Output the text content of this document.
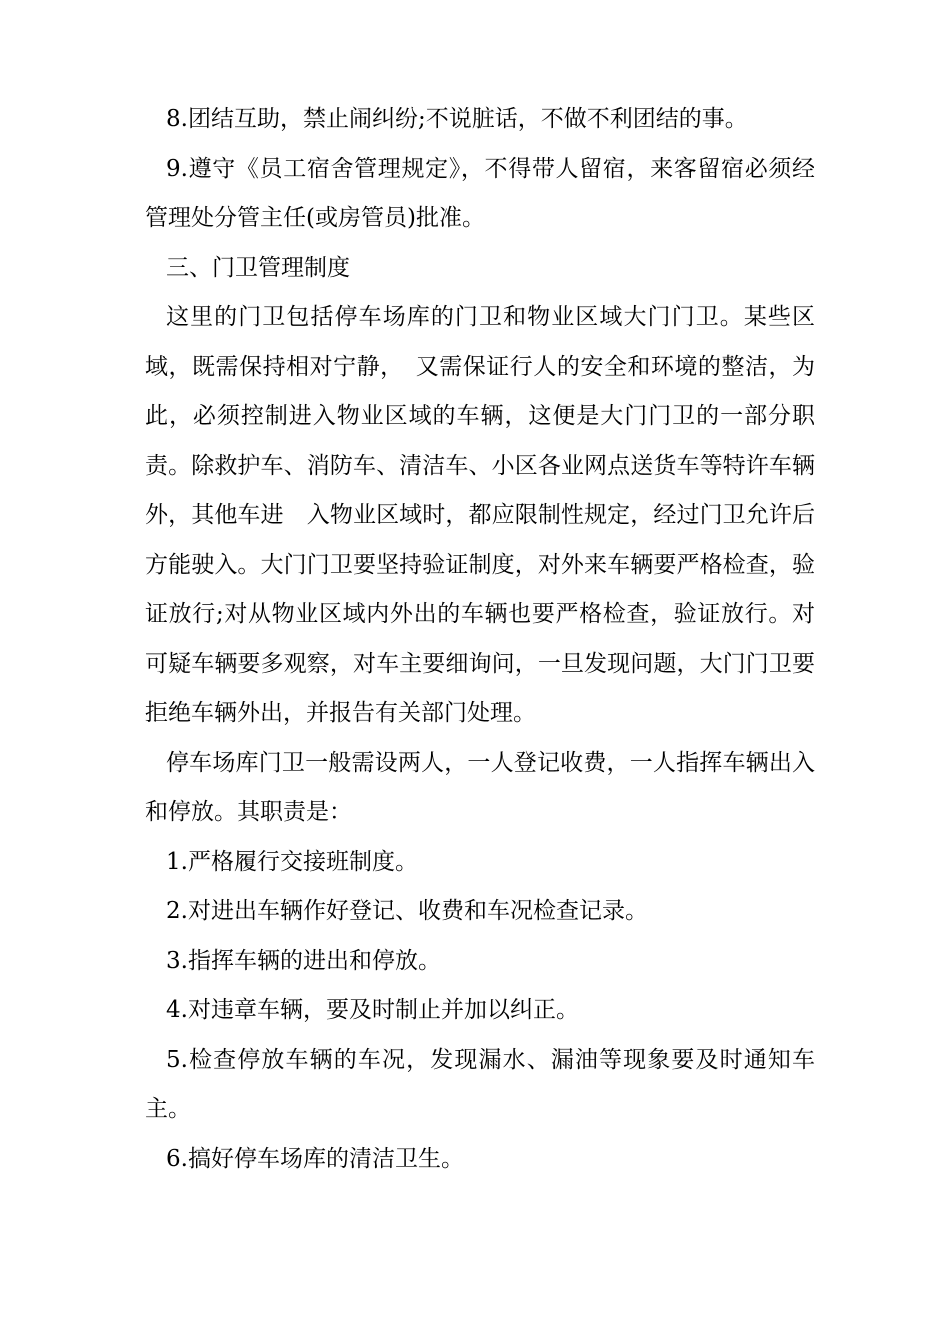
8.团结互助，禁止闹纠纷;不说脏话，不做不利团结的事。

9.遵守《员工宿舍管理规定》，不得带人留宿，来客留宿必须经管理处分管主任(或房管员)批准。

三、门卫管理制度

这里的门卫包括停车场库的门卫和物业区域大门门卫。某些区域，既需保持相对宁静，　又需保证行人的安全和环境的整洁，为此，必须控制进入物业区域的车辆，这便是大门门卫的一部分职责。除救护车、消防车、清洁车、小区各业网点送货车等特许车辆外，其他车进　入物业区域时，都应限制性规定，经过门卫允许后方能驶入。大门门卫要坚持验证制度，对外来车辆要严格检查，验证放行;对从物业区域内外出的车辆也要严格检查，验证放行。对　可疑车辆要多观察，对车主要细询问，一旦发现问题，大门门卫要拒绝车辆外出，并报告有关部门处理。

停车场库门卫一般需设两人，一人登记收费，一人指挥车辆出入和停放。其职责是：

1.严格履行交接班制度。

2.对进出车辆作好登记、收费和车况检查记录。

3.指挥车辆的进出和停放。

4.对违章车辆，要及时制止并加以纠正。

5.检查停放车辆的车况，发现漏水、漏油等现象要及时通知车主。

6.搞好停车场库的清洁卫生。
